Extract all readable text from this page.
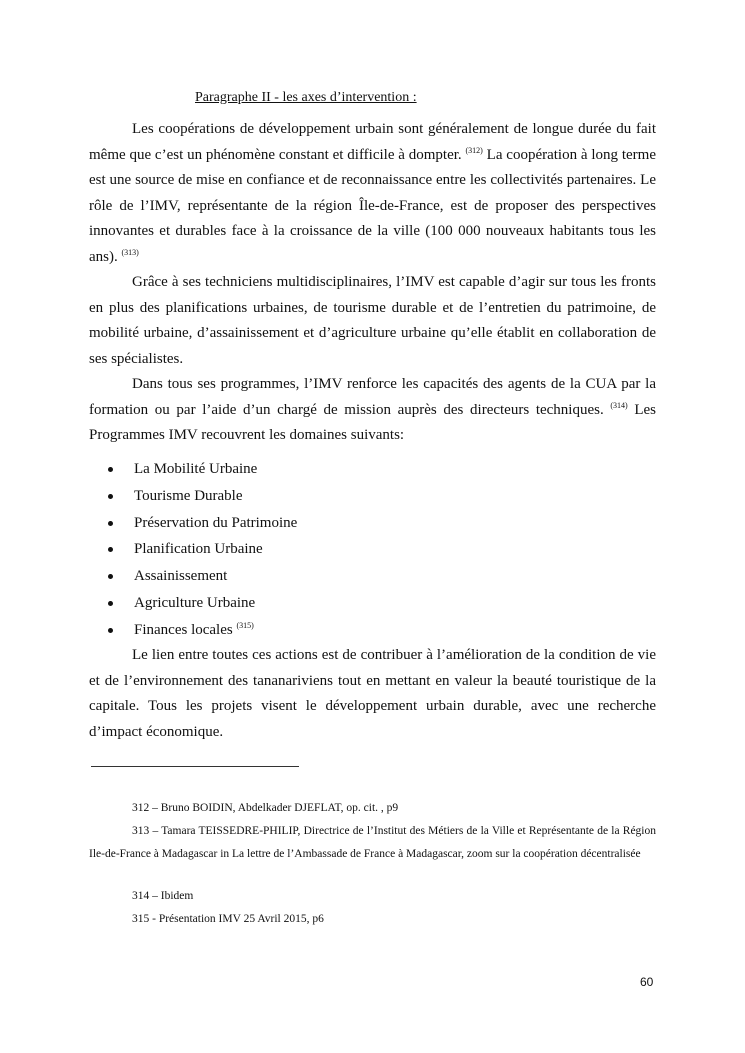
Paragraphe II - les axes d’intervention :

Les coopérations de développement urbain sont généralement de longue durée du fait même que c’est un phénomène constant et difficile à dompter. $^{(312)}$ La coopération à long terme est une source de mise en confiance et de reconnaissance entre les collectivités partenaires. Le rôle de l’IMV, représentante de la région Île-de-France, est de proposer des perspectives innovantes et durables face à la croissance de la ville (100 000 nouveaux habitants tous les ans). $^{(313)}$

Grâce à ses techniciens multidisciplinaires, l’IMV est capable d’agir sur tous les fronts en plus des planifications urbaines, de tourisme durable et de l’entretien du patrimoine, de mobilité urbaine, d’assainissement et d’agriculture urbaine qu’elle établit en collaboration de ses spécialistes.

Dans tous ses programmes, l’IMV renforce les capacités des agents de la CUA par la formation ou par l’aide d’un chargé de mission auprès des directeurs techniques. $^{(314)}$ Les Programmes IMV recouvrent les domaines suivants:

La Mobilité Urbaine
Tourisme Durable
Préservation du Patrimoine
Planification Urbaine
Assainissement
Agriculture Urbaine
Finances locales $^{(315)}$

Le lien entre toutes ces actions est de contribuer à l’amélioration de la condition de vie et de l’environnement des tananariviens tout en mettant en valeur la beauté touristique de la capitale. Tous les projets visent le développement urbain durable, avec une recherche d’impact économique.

312 – Bruno BOIDIN, Abdelkader DJEFLAT, op. cit. , p9

313 – Tamara TEISSEDRE-PHILIP, Directrice de l’Institut des Métiers de la Ville et Représentante de la Région Ile-de-France à Madagascar in La lettre de l’Ambassade de France à Madagascar, zoom sur la coopération décentralisée

314 – Ibidem

315 - Présentation IMV 25 Avril 2015, p6

60
